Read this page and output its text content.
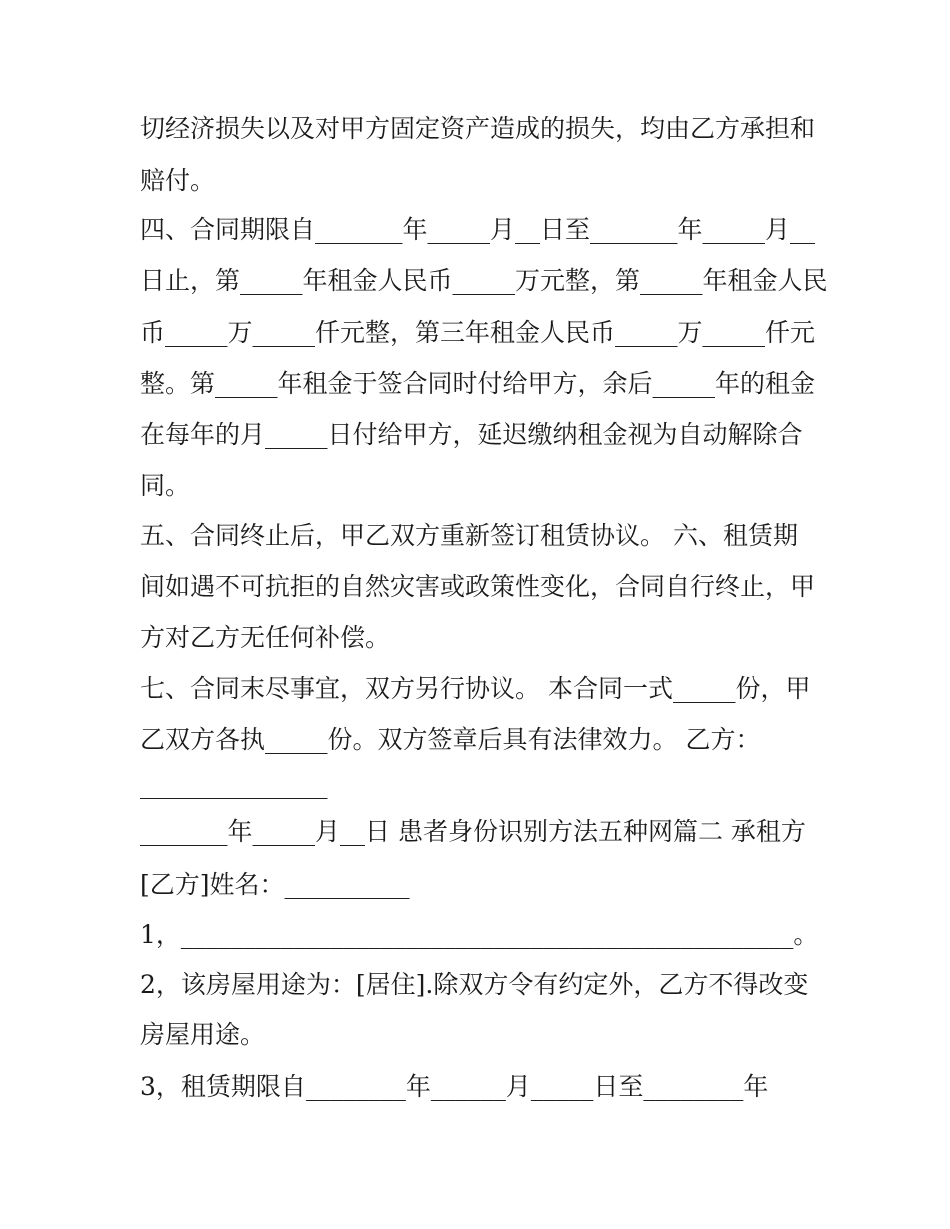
切经济损失以及对甲方固定资产造成的损失，均由乙方承担和
赔付。
四、合同期限自_______年_____月__日至_______年_____月__
日止，第_____年租金人民币_____万元整，第_____年租金人民
币_____万_____仟元整，第三年租金人民币_____万_____仟元
整。第_____年租金于签合同时付给甲方，余后_____年的租金
在每年的月_____日付给甲方，延迟缴纳租金视为自动解除合
同。
五、合同终止后，甲乙双方重新签订租赁协议。 六、租赁期
间如遇不可抗拒的自然灾害或政策性变化，合同自行终止，甲
方对乙方无任何补偿。
七、合同末尽事宜，双方另行协议。 本合同一式_____份，甲
乙双方各执_____份。双方签章后具有法律效力。 乙方：
_______________
_______年_____月__日 患者身份识别方法五种网篇二 承租方
[乙方]姓名：__________
1，_________________________________________________。
2，该房屋用途为：[居住].除双方令有约定外，乙方不得改变
房屋用途。
3，租赁期限自________年______月_____日至________年
